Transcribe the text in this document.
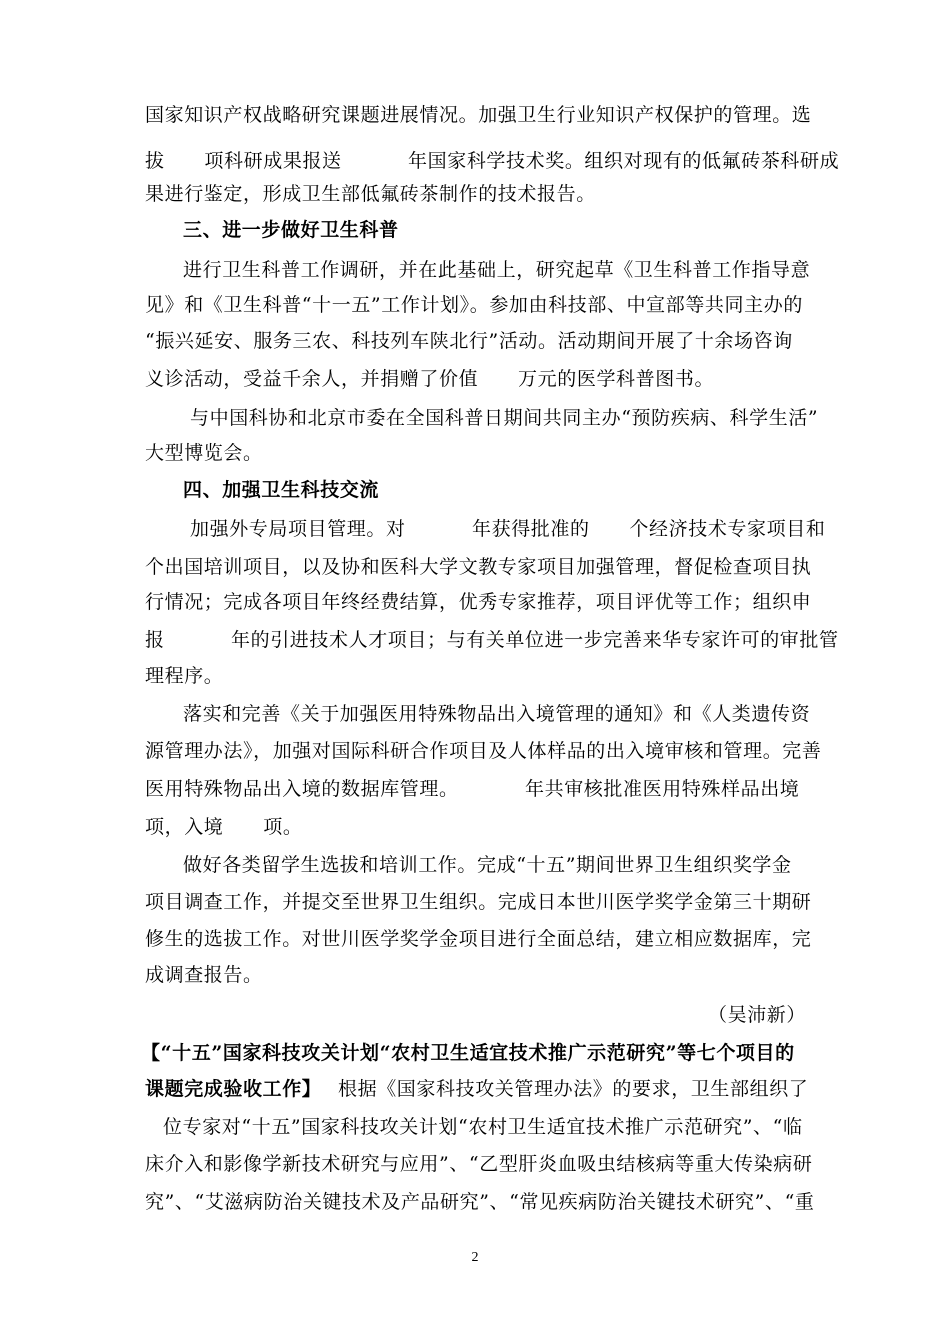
国家知识产权战略研究课题进展情况。加强卫生行业知识产权保护的管理。选
拔      项科研成果报送          年国家科学技术奖。组织对现有的低氟砖茶科研成
果进行鉴定，形成卫生部低氟砖茶制作的技术报告。
三、进一步做好卫生科普
进行卫生科普工作调研，并在此基础上，研究起草《卫生科普工作指导意
见》和《卫生科普“十一五”工作计划》。参加由科技部、中宣部等共同主办的
“振兴延安、服务三农、科技列车陕北行”活动。活动期间开展了十余场咨询
义诊活动，受益千余人，并捐赠了价值      万元的医学科普图书。
与中国科协和北京市委在全国科普日期间共同主办“预防疾病、科学生活”
大型博览会。
四、加强卫生科技交流
加强外专局项目管理。对          年获得批准的      个经济技术专家项目和
个出国培训项目，以及协和医科大学文教专家项目加强管理，督促检查项目执
行情况；完成各项目年终经费结算，优秀专家推荐，项目评优等工作；组织申
报          年的引进技术人才项目；与有关单位进一步完善来华专家许可的审批管
理程序。
落实和完善《关于加强医用特殊物品出入境管理的通知》和《人类遗传资
源管理办法》，加强对国际科研合作项目及人体样品的出入境审核和管理。完善
医用特殊物品出入境的数据库管理。          年共审核批准医用特殊样品出境
项，入境      项。
做好各类留学生选拔和培训工作。完成“十五”期间世界卫生组织奖学金
项目调查工作，并提交至世界卫生组织。完成日本世川医学奖学金第三十期研
修生的选拔工作。对世川医学奖学金项目进行全面总结，建立相应数据库，完
成调查报告。
（吴沛新）
【“十五”国家科技攻关计划“农村卫生适宜技术推广示范研究”等七个项目的
课题完成验收工作】 根据《国家科技攻关管理办法》的要求，卫生部组织了
位专家对“十五”国家科技攻关计划“农村卫生适宜技术推广示范研究”、“临
床介入和影像学新技术研究与应用”、“乙型肝炎血吸虫结核病等重大传染病研
究”、“艾滋病防治关键技术及产品研究”、“常见疾病防治关键技术研究”、“重
2
